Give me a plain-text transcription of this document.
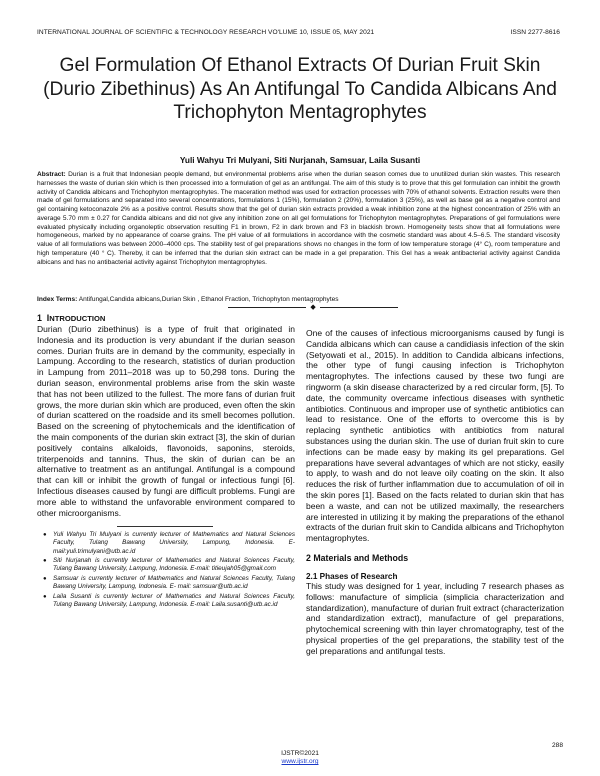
INTERNATIONAL JOURNAL OF SCIENTIFIC & TECHNOLOGY RESEARCH VOʹLUME 10, ISSUE 05, MAY 2021	ISSN 2277-8616
Gel Formulation Of Ethanol Extracts Of Durian Fruit Skin (Durio Zibethinus) As An Antifungal To Candida Albicans And Trichophyton Mentagrophytes
Yuli Wahyu Tri Mulyani, Siti Nurjanah, Samsuar, Laila Susanti
Abstract: Durian is a fruit that Indonesian people demand, but environmental problems arise when the durian season comes due to unutilized durian skin wastes. This research harnesses the waste of durian skin which is then processed into a formulation of gel as an antifungal. The aim of this study is to prove that this gel formulation can inhibit the growth activity of Candida albicans and Trichophyton mentagrophytes. The maceration method was used for extraction processes with 70% of ethanol solvents. Extraction results were then made of gel formulations and separated into several concentrations, formulations 1 (15%), formulation 2 (20%), formulation 3 (25%), as well as base gel as a negative control and gel containing ketoconazole 2% as a positive control. Results show that the gel of durian skin extracts provided a weak inhibition zone at the highest concentration of 25% with an average 5.70 mm ± 0.27 for Candida albicans and did not give any inhibition zone on all gel formulations for Trichophyton mentagrophytes. Preparations of gel formulations were evaluated physically including organoleptic observation resulting F1 in brown, F2 in dark brown and F3 in blackish brown. Homogeneity tests show that all formulations were homogeneous, marked by no appearance of coarse grains. The pH value of all formulations in accordance with the cosmetic standard was about 4.5–6.5. The standard viscosity value of all formulations was between 2000–4000 cps. The stability test of gel preparations shows no changes in the form of low temperature storage (4° C), room temperature and high temperature (40 ° C). Thereby, it can be inferred that the durian skin extract can be made in a gel preparation. This Gel has a weak antibacterial activity against Candida albicans and has no antibacterial activity against Trichophyton mentagrophytes.
Index Terms: Antifungal,Candida albicans,Durian Skin , Ethanol Fraction, Trichophyton mentagrophytes
◆
1 INTRODUCTION

Durian (Durio zibethinus) is a type of fruit that originated in Indonesia and its production is very abundant if the durian season comes. Durian fruits are in demand by the community, especially in Lampung. According to the research, statistics of durian production in Lampung from 2011–2018 was up to 50,298 tons. During the durian season, environmental problems arise from the skin waste that has not been utilized to the fullest. The more fans of durian fruit grows, the more durian skin which are produced, even often the skin of durian scattered on the roadside and its smell becomes pollution. Based on the screening of phytochemicals and the identification of the main components of the durian skin extract [3], the skin of durian positively contains alkaloids, flavonoids, saponins, steroids, triterpenoids and tannins. Thus, the skin of durian can be an alternative to treatment as an antifungal. Antifungal is a compound that can kill or inhibit the growth of fungal or infectious fungi [6]. Infectious diseases caused by fungi are difficult problems. Fungi are more able to withstand the unfavorable environment compared to other microorganisms.

● Yuli Wahyu Tri Mulyani is currently lecturer of Mathematics and Natural Sciences Faculty, Tulang Bawang University, Lampung, Indonesia. E-mail:yuli.trimulyani@utb.ac.id
● Siti Nurjanah is currently lecturer of Mathematics and Natural Sciences Faculty, Tulang Bawang University, Lampung, Indonesia. E-mail: titieujah05@gmail.com
● Samsuar is currently lecturer of Mathematics and Natural Sciences Faculty, Tulang Bawang University, Lampung, Indonesia. E- mail: samsuar@utb.ac.id
● Laila Susanti is currently lecturer of Mathematics and Natural Sciences Faculty, Tulang Bawang University, Lampung, Indonesia. E-mail: Laila.susanti@utb.ac.id

One of the causes of infectious microorganisms caused by fungi is Candida albicans which can cause a candidiasis infection of the skin (Setyowati et al., 2015). In addition to Candida albicans infections, the other type of fungi causing infection is Trichophyton mentagrophytes. The infections caused by these two fungi are ringworm (a skin disease characterized by a red circular form, [5]. To date, the community overcame infectious diseases with synthetic antibiotics. Continuous and improper use of synthetic antibiotics can lead to resistance. One of the efforts to overcome this is by replacing synthetic antibiotics with antibiotics from natural substances using the durian skin. The use of durian fruit skin to cure infections can be made easy by making its gel preparations. Gel preparations have several advantages of which are not sticky, easily to apply, to wash and do not leave oily coating on the skin. It also reduces the risk of further inflammation due to accumulation of oil in the skin pores [1]. Based on the facts related to durian skin that has been a waste, and can not be utilized maximally, the researchers are interested in utilizing it by making the preparations of the ethanol extracts of the durian fruit skin to Candida albicans and Trichophyton mentagrophytes.

2 Materials and Methods
2.1 Phases of Research

This study was designed for 1 year, including 7 research phases as follows: manufacture of simplicia (simplicia characterization and standardization), manufacture of durian fruit extract (characterization and standardization extract), manufacture of gel preparations, phytochemical screening with thin layer chromatography, test of the physical properties of the gel preparations, the stability test of the gel preparations and antifungal tests.

288
IJSTR©2021
www.ijstr.org
